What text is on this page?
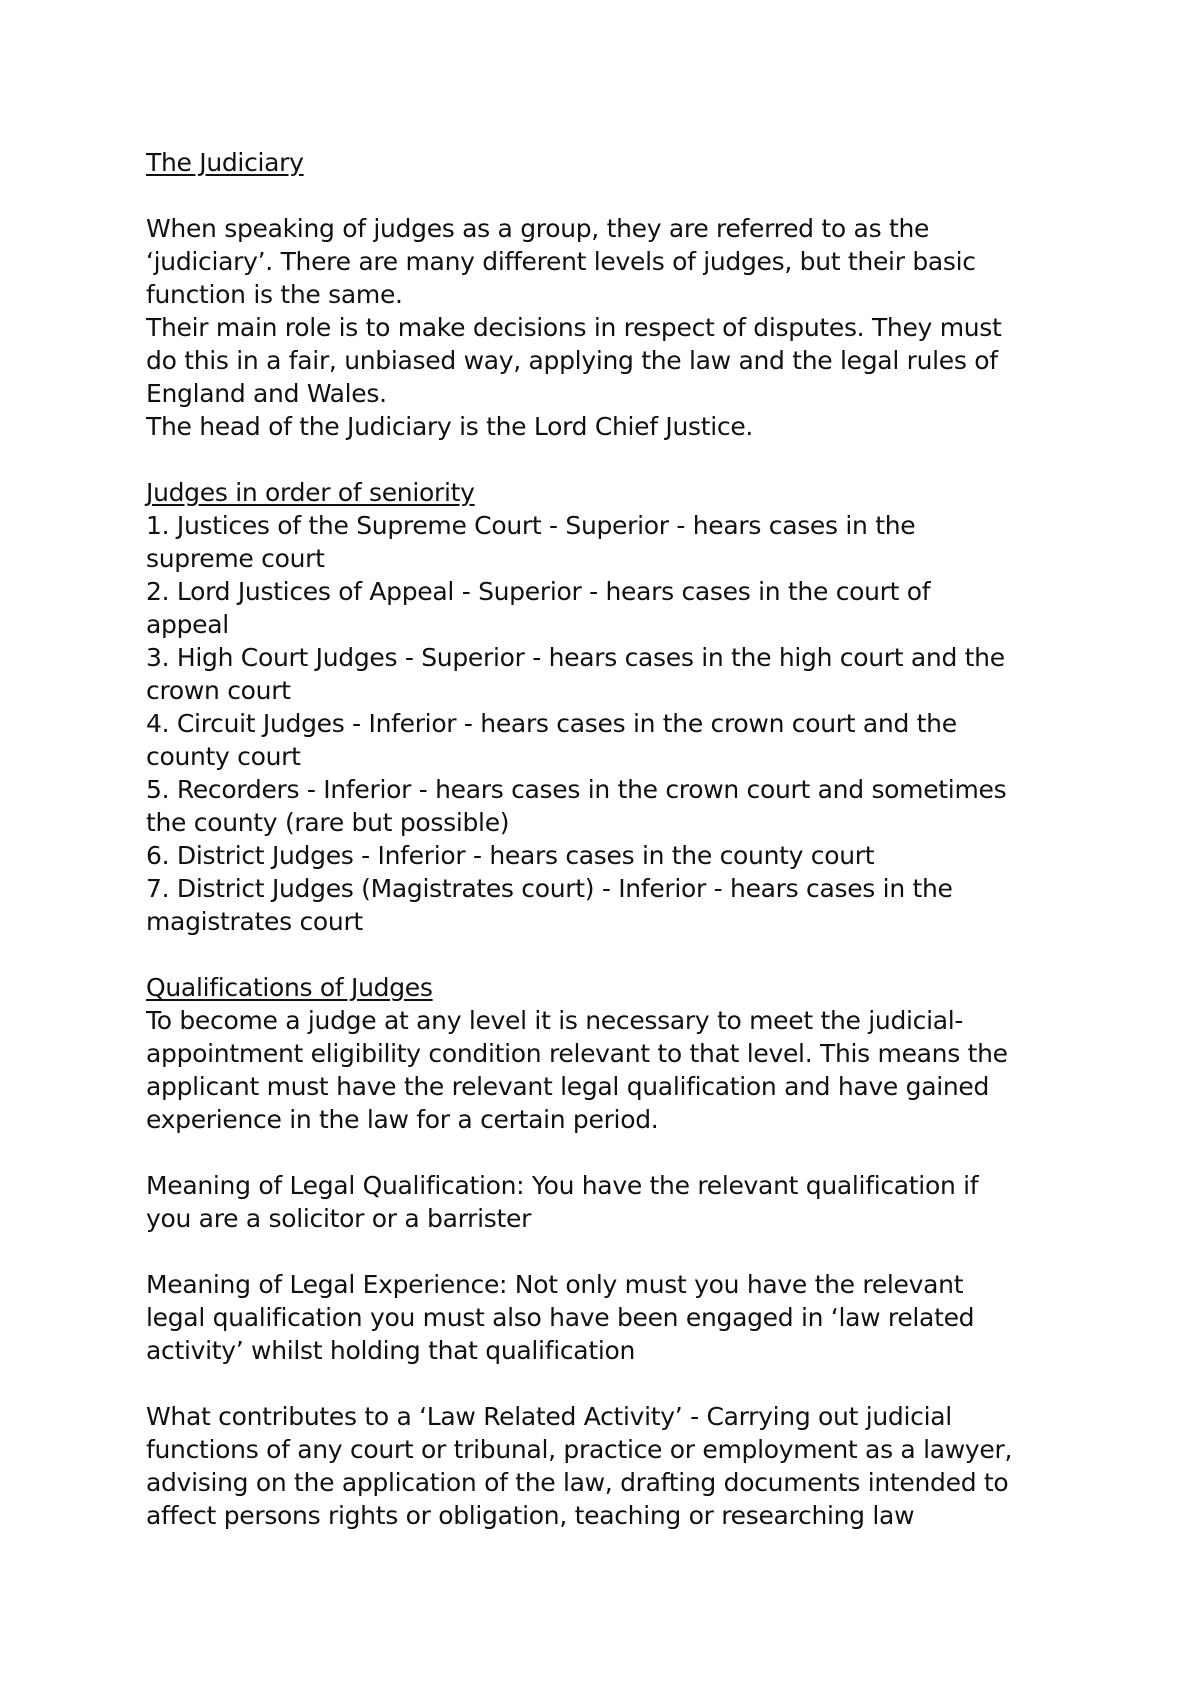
The Judiciary
When speaking of judges as a group, they are referred to as the
‘judiciary’. There are many different levels of judges, but their basic
function is the same.
Their main role is to make decisions in respect of disputes. They must
do this in a fair, unbiased way, applying the law and the legal rules of
England and Wales.
The head of the Judiciary is the Lord Chief Justice.
Judges in order of seniority
1. Justices of the Supreme Court - Superior - hears cases in the
supreme court
2. Lord Justices of Appeal - Superior - hears cases in the court of
appeal
3. High Court Judges - Superior - hears cases in the high court and the
crown court
4. Circuit Judges - Inferior - hears cases in the crown court and the
county court
5. Recorders - Inferior - hears cases in the crown court and sometimes
the county (rare but possible)
6. District Judges - Inferior - hears cases in the county court
7. District Judges (Magistrates court) - Inferior - hears cases in the
magistrates court
Qualifications of Judges
To become a judge at any level it is necessary to meet the judicial-
appointment eligibility condition relevant to that level. This means the
applicant must have the relevant legal qualification and have gained
experience in the law for a certain period.
Meaning of Legal Qualification: You have the relevant qualification if
you are a solicitor or a barrister
Meaning of Legal Experience: Not only must you have the relevant
legal qualification you must also have been engaged in ‘law related
activity’ whilst holding that qualification
What contributes to a ‘Law Related Activity’ - Carrying out judicial
functions of any court or tribunal, practice or employment as a lawyer,
advising on the application of the law, drafting documents intended to
affect persons rights or obligation, teaching or researching law
